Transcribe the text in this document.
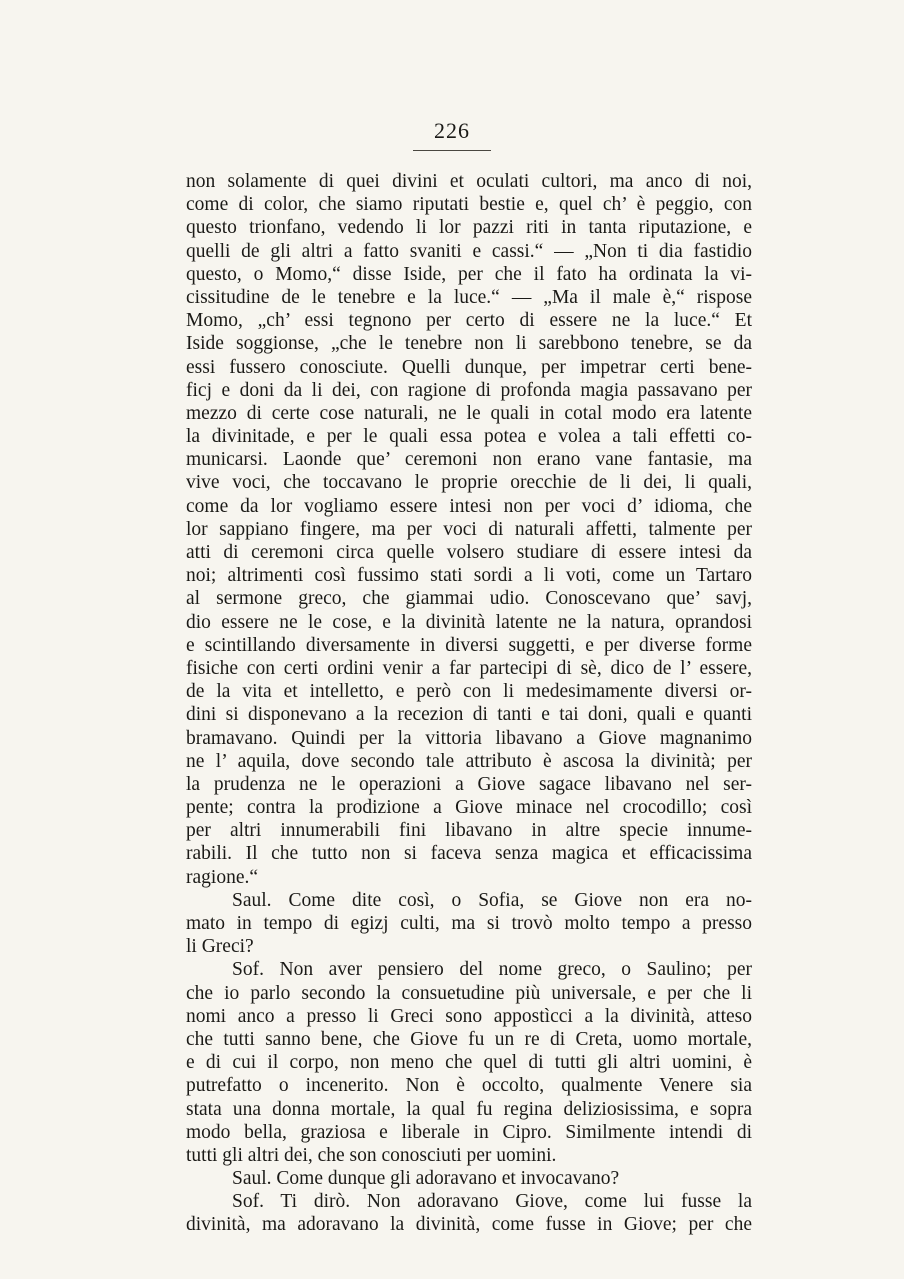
226
non solamente di quei divini et oculati cultori, ma anco di noi,
come di color, che siamo riputati bestie e, quel ch’ è peggio, con
questo trionfano, vedendo li lor pazzi riti in tanta riputazione, e
quelli de gli altri a fatto svaniti e cassi.“ — „Non ti dia fastidio
questo, o Momo,“ disse Iside, per che il fato ha ordinata la vi-
cissitudine de le tenebre e la luce.“ — „Ma il male è,“ rispose
Momo, „ch’ essi tegnono per certo di essere ne la luce.“ Et
Iside soggionse, „che le tenebre non li sarebbono tenebre, se da
essi fussero conosciute. Quelli dunque, per impetrar certi bene-
ficj e doni da li dei, con ragione di profonda magia passavano per
mezzo di certe cose naturali, ne le quali in cotal modo era latente
la divinitade, e per le quali essa potea e volea a tali effetti co-
municarsi. Laonde que’ ceremoni non erano vane fantasie, ma
vive voci, che toccavano le proprie orecchie de li dei, li quali,
come da lor vogliamo essere intesi non per voci d’ idioma, che
lor sappiano fingere, ma per voci di naturali affetti, talmente per
atti di ceremoni circa quelle volsero studiare di essere intesi da
noi; altrimenti così fussimo stati sordi a li voti, come un Tartaro
al sermone greco, che giammai udio. Conoscevano que’ savj,
dio essere ne le cose, e la divinità latente ne la natura, oprandosi
e scintillando diversamente in diversi suggetti, e per diverse forme
fisiche con certi ordini venir a far partecipi di sè, dico de l’ essere,
de la vita et intelletto, e però con li medesimamente diversi or-
dini si disponevano a la recezion di tanti e tai doni, quali e quanti
bramavano. Quindi per la vittoria libavano a Giove magnanimo
ne l’ aquila, dove secondo tale attributo è ascosa la divinità; per
la prudenza ne le operazioni a Giove sagace libavano nel ser-
pente; contra la prodizione a Giove minace nel crocodillo; così
per altri innumerabili fini libavano in altre specie innume-
rabili. Il che tutto non si faceva senza magica et efficacissima
ragione.“
Saul. Come dite così, o Sofia, se Giove non era no-
mato in tempo di egizj culti, ma si trovò molto tempo a presso
li Greci?
Sof. Non aver pensiero del nome greco, o Saulino; per
che io parlo secondo la consuetudine più universale, e per che li
nomi anco a presso li Greci sono appostìcci a la divinità, atteso
che tutti sanno bene, che Giove fu un re di Creta, uomo mortale,
e di cui il corpo, non meno che quel di tutti gli altri uomini, è
putrefatto o incenerito. Non è occolto, qualmente Venere sia
stata una donna mortale, la qual fu regina deliziosissima, e sopra
modo bella, graziosa e liberale in Cipro. Similmente intendi di
tutti gli altri dei, che son conosciuti per uomini.
Saul. Come dunque gli adoravano et invocavano?
Sof. Ti dirò. Non adoravano Giove, come lui fusse la
divinità, ma adoravano la divinità, come fusse in Giove; per che
